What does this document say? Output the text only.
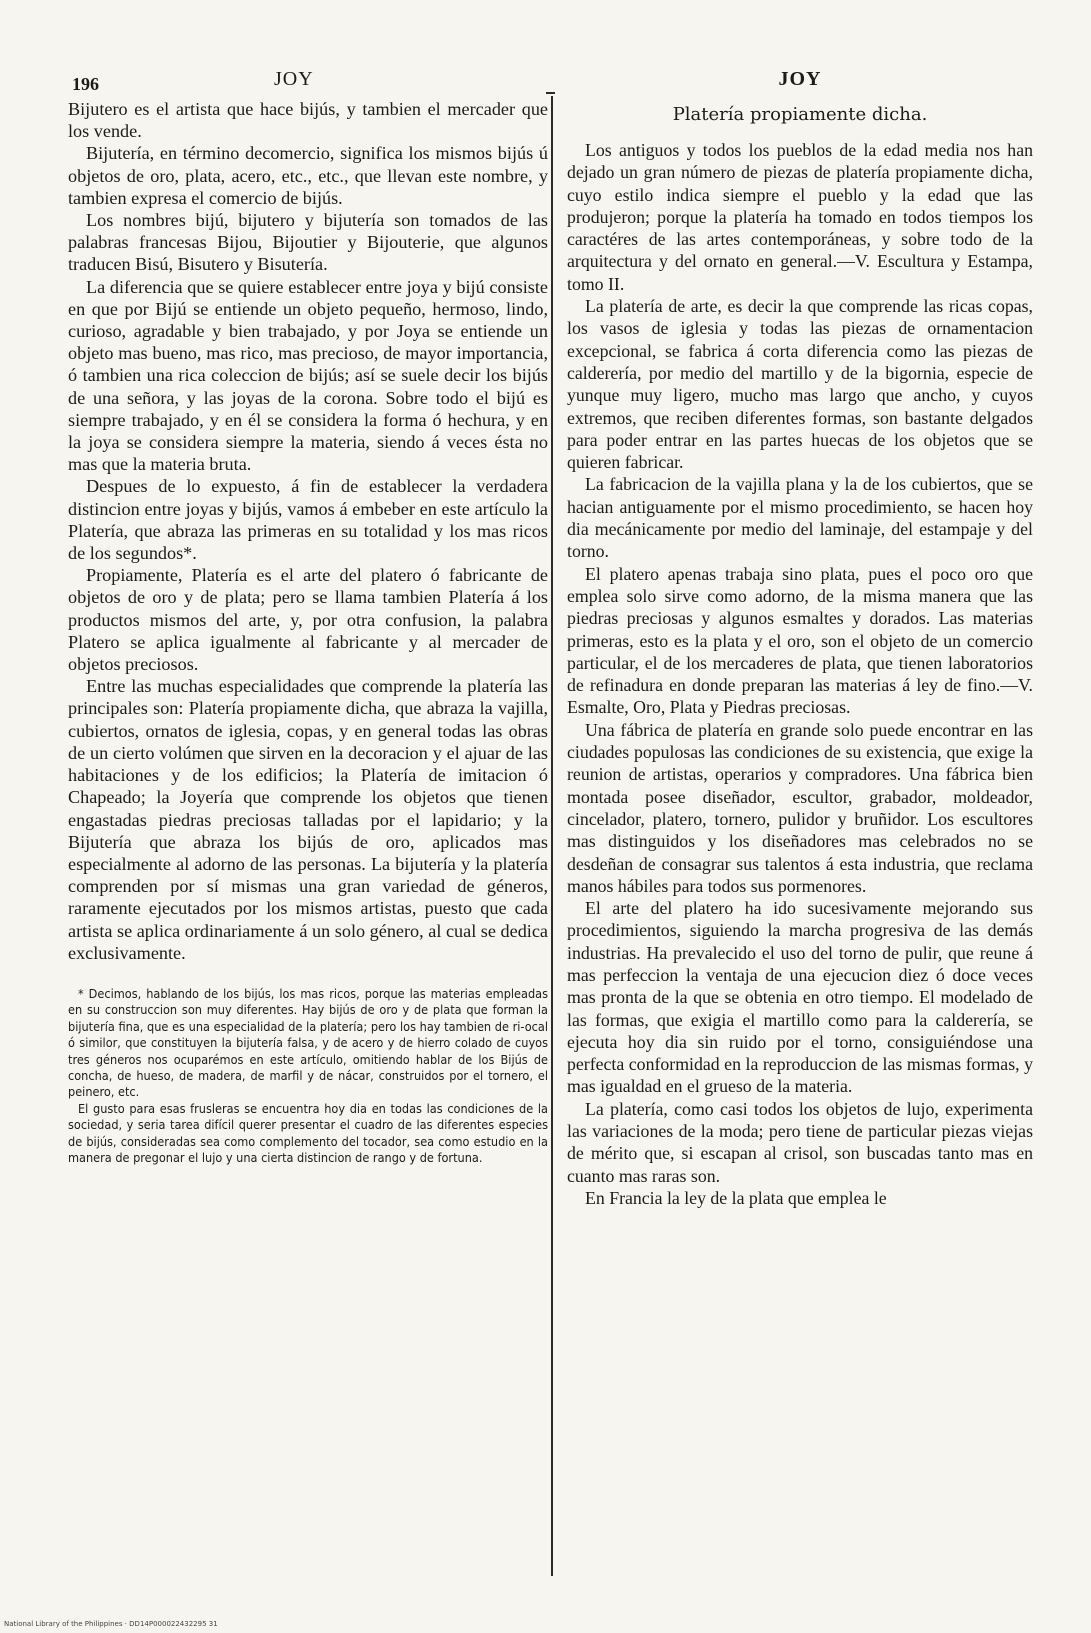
196	JOY

Bijutero es el artista que hace bijús, y tambien el mercader que los vende.

Bijutería, en término decomercio, significa los mismos bijús ú objetos de oro, plata, acero, etc., etc., que llevan este nombre, y tambien expresa el comercio de bijús.

Los nombres bijú, bijutero y bijutería son tomados de las palabras francesas Bijou, Bijoutier y Bijouterie, que algunos traducen Bisú, Bisutero y Bisutería.

La diferencia que se quiere establecer entre joya y bijú consiste en que por Bijú se entiende un objeto pequeño, hermoso, lindo, curioso, agradable y bien trabajado, y por Joya se entiende un objeto mas bueno, mas rico, mas precioso, de mayor importancia, ó tambien una rica coleccion de bijús; así se suele decir los bijús de una señora, y las joyas de la corona. Sobre todo el bijú es siempre trabajado, y en él se considera la forma ó hechura, y en la joya se considera siempre la materia, siendo á veces ésta no mas que la materia bruta.

Despues de lo expuesto, á fin de establecer la verdadera distincion entre joyas y bijús, vamos á embeber en este artículo la Platería, que abraza las primeras en su totalidad y los mas ricos de los segundos*.

Propiamente, Platería es el arte del platero ó fabricante de objetos de oro y de plata; pero se llama tambien Platería á los productos mismos del arte, y, por otra confusion, la palabra Platero se aplica igualmente al fabricante y al mercader de objetos preciosos.

Entre las muchas especialidades que comprende la platería las principales son: Platería propiamente dicha, que abraza la vajilla, cubiertos, ornatos de iglesia, copas, y en general todas las obras de un cierto volúmen que sirven en la decoracion y el ajuar de las habitaciones y de los edificios; la Platería de imitacion ó Chapeado; la Joyería que comprende los objetos que tienen engastadas piedras preciosas talladas por el lapidario; y la Bijutería que abraza los bijús de oro, aplicados mas especialmente al adorno de las personas. La bijutería y la platería comprenden por sí mismas una gran variedad de géneros, raramente ejecutados por los mismos artistas, puesto que cada artista se aplica ordinariamente á un solo género, al cual se dedica exclusivamente.

* Decimos, hablando de los bijús, los mas ricos, porque las materias empleadas en su construccion son muy diferentes. Hay bijús de oro y de plata que forman la bijutería fina, que es una especialidad de la platería; pero los hay tambien de ri-ocal ó similor, que constituyen la bijutería falsa, y de acero y de hierro colado de cuyos tres géneros nos ocuparémos en este artículo, omitiendo hablar de los Bijús de concha, de hueso, de madera, de marfil y de nácar, construidos por el tornero, el peinero, etc.

El gusto para esas frusleras se encuentra hoy dia en todas las condiciones de la sociedad, y seria tarea difícil querer presentar el cuadro de las diferentes especies de bijús, consideradas sea como complemento del tocador, sea como estudio en la manera de pregonar el lujo y una cierta distincion de rango y de fortuna.

JOY
Platería propiamente dicha.

Los antiguos y todos los pueblos de la edad media nos han dejado un gran número de piezas de platería propiamente dicha, cuyo estilo indica siempre el pueblo y la edad que las produjeron; porque la platería ha tomado en todos tiempos los caractéres de las artes contemporáneas, y sobre todo de la arquitectura y del ornato en general.—V. Escultura y Estampa, tomo II.

La platería de arte, es decir la que comprende las ricas copas, los vasos de iglesia y todas las piezas de ornamentacion excepcional, se fabrica á corta diferencia como las piezas de calderería, por medio del martillo y de la bigornia, especie de yunque muy ligero, mucho mas largo que ancho, y cuyos extremos, que reciben diferentes formas, son bastante delgados para poder entrar en las partes huecas de los objetos que se quieren fabricar.

La fabricacion de la vajilla plana y la de los cubiertos, que se hacian antiguamente por el mismo procedimiento, se hacen hoy dia mecánicamente por medio del laminaje, del estampaje y del torno.

El platero apenas trabaja sino plata, pues el poco oro que emplea solo sirve como adorno, de la misma manera que las piedras preciosas y algunos esmaltes y dorados. Las materias primeras, esto es la plata y el oro, son el objeto de un comercio particular, el de los mercaderes de plata, que tienen laboratorios de refinadura en donde preparan las materias á ley de fino.—V. Esmalte, Oro, Plata y Piedras preciosas.

Una fábrica de platería en grande solo puede encontrar en las ciudades populosas las condiciones de su existencia, que exige la reunion de artistas, operarios y compradores. Una fábrica bien montada posee diseñador, escultor, grabador, moldeador, cincelador, platero, tornero, pulidor y bruñidor. Los escultores mas distinguidos y los diseñadores mas celebrados no se desdeñan de consagrar sus talentos á esta industria, que reclama manos hábiles para todos sus pormenores.

El arte del platero ha ido sucesivamente mejorando sus procedimientos, siguiendo la marcha progresiva de las demás industrias. Ha prevalecido el uso del torno de pulir, que reune á mas perfeccion la ventaja de una ejecucion diez ó doce veces mas pronta de la que se obtenia en otro tiempo. El modelado de las formas, que exigia el martillo como para la calderería, se ejecuta hoy dia sin ruido por el torno, consiguiéndose una perfecta conformidad en la reproduccion de las mismas formas, y mas igualdad en el grueso de la materia.

La platería, como casi todos los objetos de lujo, experimenta las variaciones de la moda; pero tiene de particular piezas viejas de mérito que, si escapan al crisol, son buscadas tanto mas en cuanto mas raras son.

En Francia la ley de la plata que emplea le

National Library of the Philippines · DD14P000022432295 31
